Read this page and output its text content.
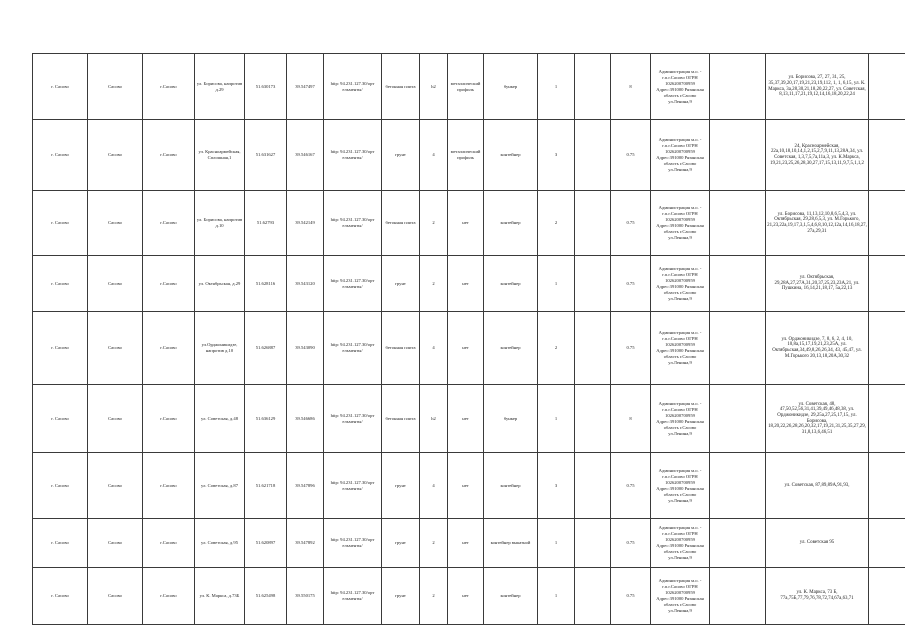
г. Сасово	Сасово	г.Сасово	ул. Борисова, напротив д.29	51.630173	39.547497	http: 94.231.127.30/орт ельменты/	бетонная плита	h2	металлический профиль	бункер	1		8	Администрация м.о. - г.п.г.Сасово ОГРН 1026200700959 Адрес:391000 Рязанская область г.Сасово ул.Ленина,9		ул. Борисова, 27, 27, 31, 25, 35,37,39,20,17,19,21,23,19,112, 1, 1, 6,15, ул. К. Маркса, 3а,28,30,21,18,20,22,27, ул. Советская, 8,13,11,17,21,19,12,14,16,18,20,22,24	
г. Сасово	Сасово	г.Сасово	ул. Красноармейская, Сплошная,1	51.631627	39.546167	http: 94.231.127.30/орт ельменты/	грунт	4	металлический профиль	контейнер	3		0.75	Администрация м.о. - г.п.г.Сасово ОГРН 1026200700959 Адрес:391000 Рязанская область г.Сасово ул.Ленина,9		24, Красноармейская, 22а,10,18,10,14,1,2,15,2,7,9,11,13,28А,34, ул. Советская, 1,3,7,5,7а,11а,3, ул. К.Маркса, 19,21,23,25,26,28,30,27,17,15,13,11,9,7,5,1,1,2	
г. Сасово	Сасово	г.Сасово	ул. Борисова, напротив д.10	51.62793	39.542149	http: 94.231.127.30/орт ельменты/	бетонная плита	2	нет	контейнер	2		0.75	Администрация м.о. - г.п.г.Сасово ОГРН 1026200700959 Адрес:391000 Рязанская область г.Сасово ул.Ленина,9		ул. Борисова, 11,13,12,10,8,6,5,4,3, ул. Октябрьская, 29,28,6,5,3, ул. М.Горького, 21,23,22а,19,17,3,1,5,4,6,8,10,12,12а,14,16,18,27,27а,29,31	
г. Сасово	Сасово	г.Сасово	ул. Октябрьская, д.29	51.628116	39.543120	http: 94.231.127.30/орт ельменты/	грунт	2	нет	контейнер	1		0.75	Администрация м.о. - г.п.г.Сасово ОГРН 1026200700959 Адрес:391000 Рязанская область г.Сасово ул.Ленина,9		ул. Октябрьская, 29,28А,27,27А,31,20,37,25,23,23А,21, ул. Пушкина, 16,14,21,18,17, 5а,22,13	
г. Сасово	Сасово	г.Сасово	ул.Орджоникидзе, напротив д.10	51.626887	39.543090	http: 94.231.127.30/орт ельменты/	бетонная плита	4	нет	контейнер	2		0.75	Администрация м.о. - г.п.г.Сасово ОГРН 1026200700959 Адрес:391000 Рязанская область г.Сасово ул.Ленина,9		ул. Орджоникидзе, 7, 8, 6, 2, 4, 10, 10,8а,15,17,19,21,23,25А, ул. Октябрьская,34,49,8,26,26,34, 43, 45,47, ул. М.Горького 20,13,18,20А,30,32	
г. Сасово	Сасово	г.Сасово	ул. Советская, д.48	51.636129	39.546686	http: 94.231.127.30/орт ельменты/	бетонная плита	h2	нет	бункер	1		8	Администрация м.о. - г.п.г.Сасово ОГРН 1026200700959 Адрес:391000 Рязанская область г.Сасово ул.Ленина,9		ул. Советская, 48, 47,50,52,56,31,41,39,49,46,48,38, ул. Орджоникидзе, 29,25а,27,25,17,15, ул. Борисова, 18,20,22,26,28,26,20,32,17,19,21,31,25,35,27,29,31,8,13,6,46,51	
г. Сасово	Сасово	г.Сасово	ул. Советская, д.87	51.621718	39.547896	http: 94.231.127.30/орт ельменты/	грунт	4	нет	контейнер	3		0.75	Администрация м.о. - г.п.г.Сасово ОГРН 1026200700959 Адрес:391000 Рязанская область г.Сасово ул.Ленина,9		ул. Советская, 87,89,89А,91,93,	
г. Сасово	Сасово	г.Сасово	ул. Советская, д.95	51.620897	39.547892	http: 94.231.127.30/орт ельменты/	грунт	2	нет	контейнер выкатной	1		0.75	Администрация м.о. - г.п.г.Сасово ОГРН 1026200700959 Адрес:391000 Рязанская область г.Сасово ул.Ленина,9		ул. Советская 95	
г. Сасово	Сасово	г.Сасово	ул. К. Маркса, д.73Б	51.625498	39.550175	http: 94.231.127.30/орт ельменты/	грунт	2	нет	контейнер	1		0.75	Администрация м.о. - г.п.г.Сасово ОГРН 1026200700959 Адрес:391000 Рязанская область г.Сасово ул.Ленина,9		ул. К. Маркса, 73 Б, 77а,75Б,77,79,76,78,72,74,67а,63,71	
